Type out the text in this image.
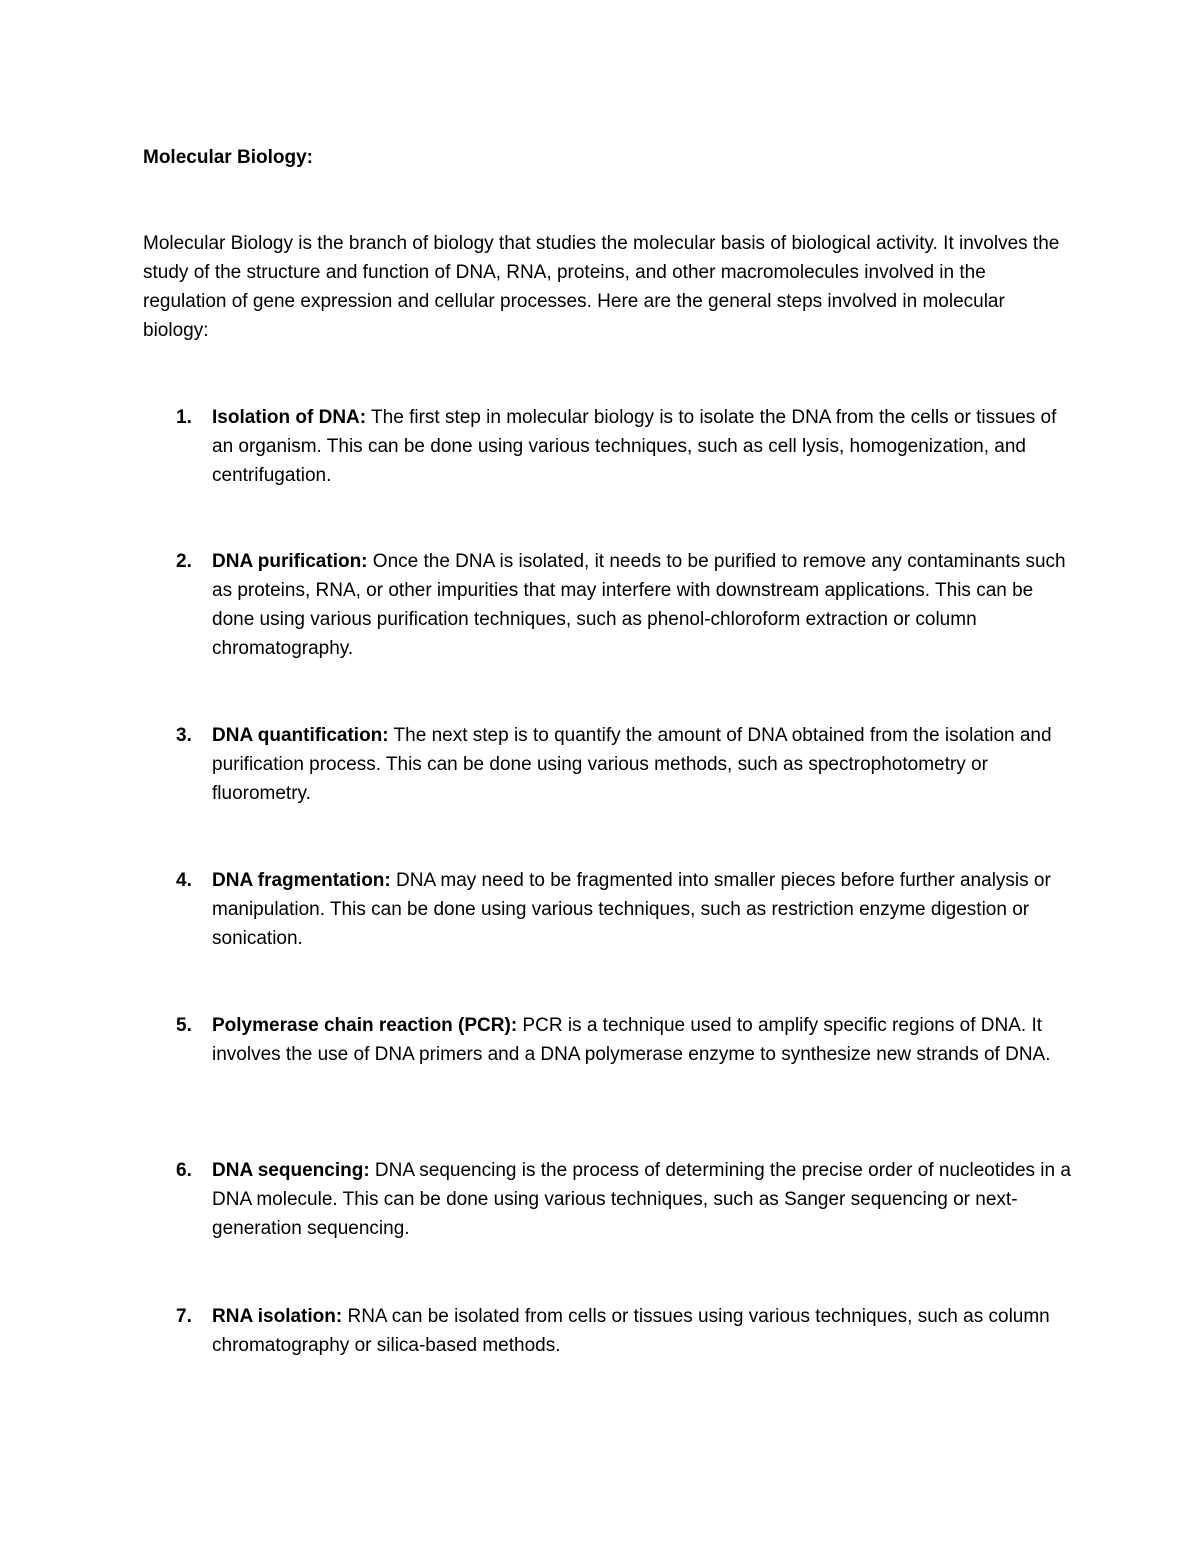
Molecular Biology:

Molecular Biology is the branch of biology that studies the molecular basis of biological activity. It involves the study of the structure and function of DNA, RNA, proteins, and other macromolecules involved in the regulation of gene expression and cellular processes. Here are the general steps involved in molecular biology:

1. Isolation of DNA: The first step in molecular biology is to isolate the DNA from the cells or tissues of an organism. This can be done using various techniques, such as cell lysis, homogenization, and centrifugation.
2. DNA purification: Once the DNA is isolated, it needs to be purified to remove any contaminants such as proteins, RNA, or other impurities that may interfere with downstream applications. This can be done using various purification techniques, such as phenol-chloroform extraction or column chromatography.
3. DNA quantification: The next step is to quantify the amount of DNA obtained from the isolation and purification process. This can be done using various methods, such as spectrophotometry or fluorometry.
4. DNA fragmentation: DNA may need to be fragmented into smaller pieces before further analysis or manipulation. This can be done using various techniques, such as restriction enzyme digestion or sonication.
5. Polymerase chain reaction (PCR): PCR is a technique used to amplify specific regions of DNA. It involves the use of DNA primers and a DNA polymerase enzyme to synthesize new strands of DNA.
6. DNA sequencing: DNA sequencing is the process of determining the precise order of nucleotides in a DNA molecule. This can be done using various techniques, such as Sanger sequencing or next-generation sequencing.
7. RNA isolation: RNA can be isolated from cells or tissues using various techniques, such as column chromatography or silica-based methods.
